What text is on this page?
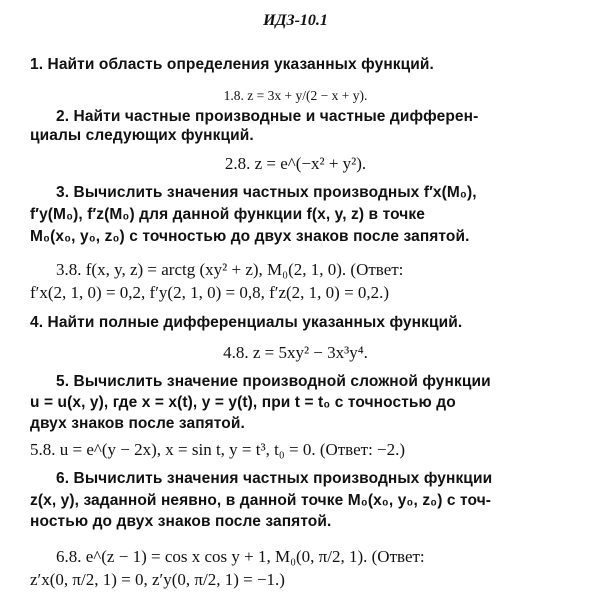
ИДЗ-10.1
1. Найти область определения указанных функций.
1.8. z = 3x + y/(2 − x + y).
2. Найти частные производные и частные дифферен-
циалы следующих функций.
2.8. z = e^(−x² + y²).
3. Вычислить значения частных производных f′x(M₀),
f′y(M₀), f′z(M₀) для данной функции f(x, y, z) в точке
M₀(x₀, y₀, z₀) с точностью до двух знаков после запятой.
3.8. f(x, y, z) = arctg (xy² + z), M₀(2, 1, 0). (Ответ:
f′x(2, 1, 0) = 0,2, f′y(2, 1, 0) = 0,8, f′z(2, 1, 0) = 0,2.)
4. Найти полные дифференциалы указанных функций.
4.8. z = 5xy² − 3x³y⁴.
5. Вычислить значение производной сложной функции
u = u(x, y), где x = x(t), y = y(t), при t = t₀ с точностью до
двух знаков после запятой.
5.8. u = e^(y − 2x), x = sin t, y = t³, t₀ = 0. (Ответ: −2.)
6. Вычислить значения частных производных функции
z(x, y), заданной неявно, в данной точке M₀(x₀, y₀, z₀) с точ-
ностью до двух знаков после запятой.
6.8. e^(z − 1) = cos x cos y + 1, M₀(0, π/2, 1). (Ответ:
z′x(0, π/2, 1) = 0, z′y(0, π/2, 1) = −1.)
